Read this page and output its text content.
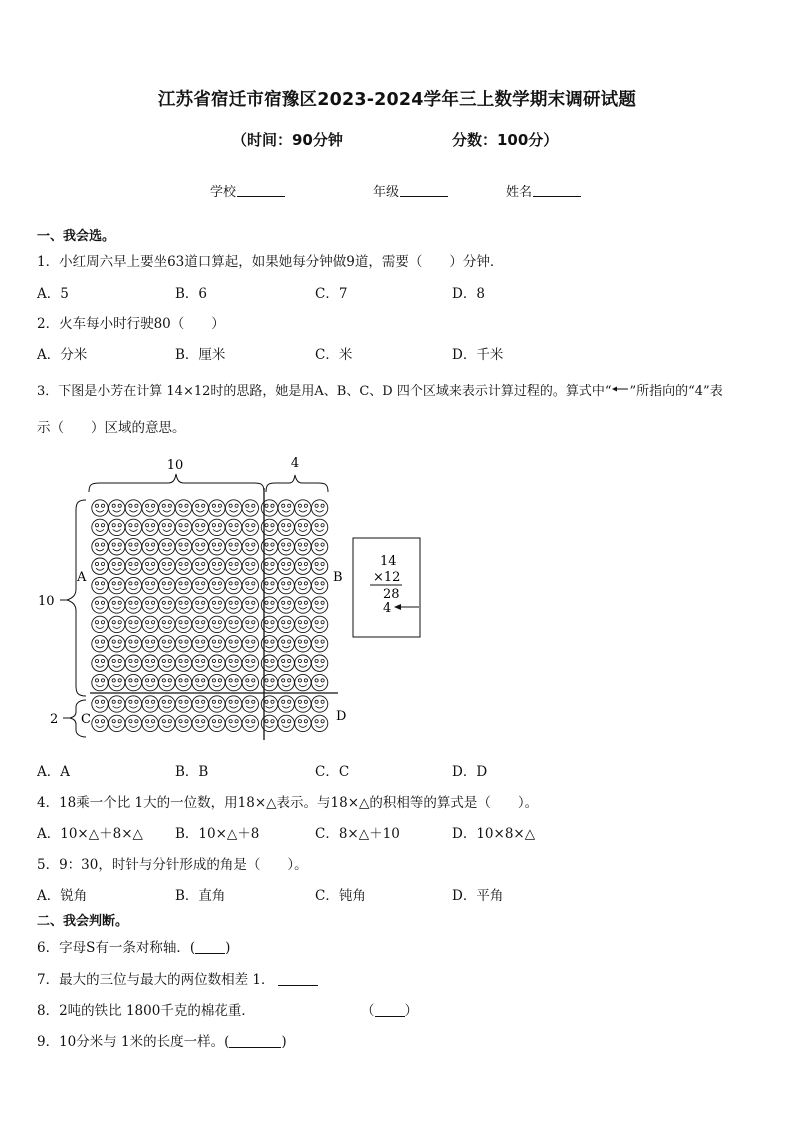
江苏省宿迁市宿豫区2023-2024学年三上数学期末调研试题
（时间：90分钟	分数：100分）
学校	年级	姓名
一、我会选。
1．小红周六早上要坐63道口算起，如果她每分钟做9道，需要（　　）分钟．
A．5	B．6	C．7	D．8
2．火车每小时行驶80（　　）
A．分米	B．厘米	C．米	D．千米
3．下图是小芳在计算 14×12时的思路，她是用A、B、C、D 四个区域来表示计算过程的。算式中“ ”所指向的“4”表
示（　　）区域的意思。
10	4
10
2
A	B
C	D
14
×12
28
4
A．A	B．B	C．C	D．D
4．18乘一个比 1大的一位数，用18×△表示。与18×△的积相等的算式是（　　）。
A．10×△＋8×△ B．10×△＋8	C．8×△＋10	D．10×8×△
5．9：30，时针与分针形成的角是（　　）。
A．锐角	B．直角	C．钝角	D．平角
二、我会判断。
6．字母S有一条对称轴．( )
7．最大的三位与最大的两位数相差 1．
8．2吨的铁比 1800千克的棉花重．	（ ）
9．10分米与 1米的长度一样。(	)
